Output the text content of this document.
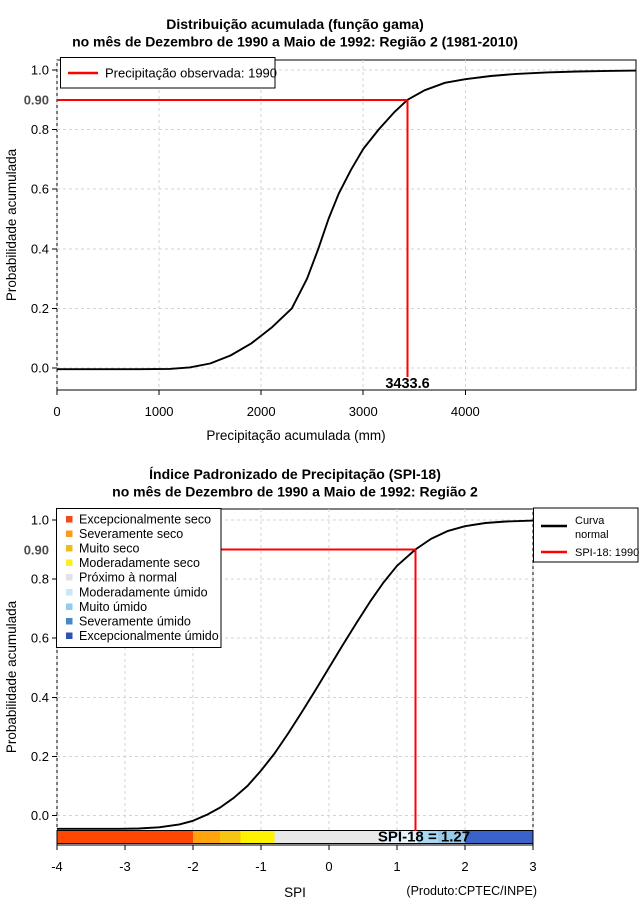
Distribuição acumulada (função gama)
no mês de Dezembro de 1990 a Maio de 1992: Região 2 (1981-2010)
0	1000	2000	3000	4000
0.0
0.2
0.4
0.6
0.8
1.0
0.90
3433.6
Precipitação acumulada (mm)
Probabilidade acumulada
Precipitação observada: 1990
Índice Padronizado de Precipitação (SPI-18)
no mês de Dezembro de 1990 a Maio de 1992: Região 2
-4	-3	-2	-1	0	1	2	3
0.0
0.2
0.4
0.6
0.8
1.0
SPI-18 = 1.27
0.90
Excepcionalmente seco
Severamente seco
Muito seco
Moderadamente seco
Próximo à normal
Moderadamente úmido
Muito úmido
Severamente úmido
Excepcionalmente úmido
Curva
normal
SPI-18: 1990
SPI
Probabilidade acumulada
(Produto:CPTEC/INPE)
